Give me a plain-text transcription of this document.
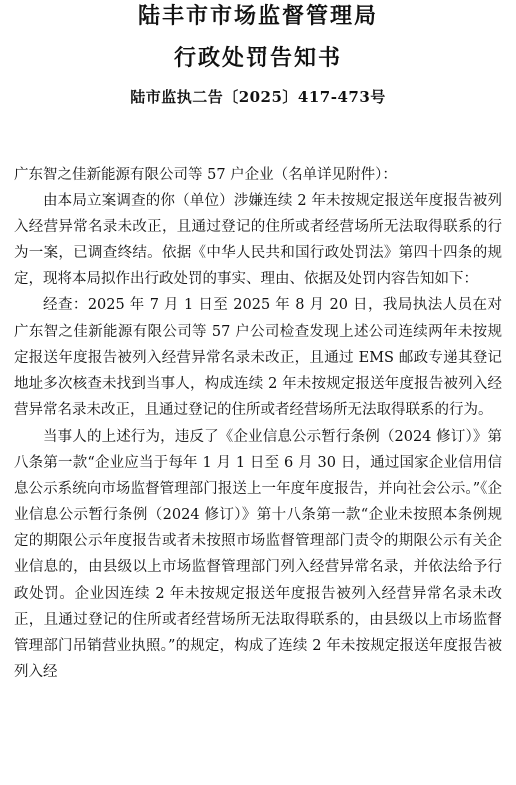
陆丰市市场监督管理局
行政处罚告知书
陆市监执二告〔2025〕417-473号

广东智之佳新能源有限公司等 57 户企业（名单详见附件）：

由本局立案调查的你（单位）涉嫌连续 2 年未按规定报送年度报告被列入经营异常名录未改正，且通过登记的住所或者经营场所无法取得联系的行为一案，已调查终结。依据《中华人民共和国行政处罚法》第四十四条的规定，现将本局拟作出行政处罚的事实、理由、依据及处罚内容告知如下：

经查：2025 年 7 月 1 日至 2025 年 8 月 20 日，我局执法人员在对广东智之佳新能源有限公司等 57 户公司检查发现上述公司连续两年未按规定报送年度报告被列入经营异常名录未改正，且通过 EMS 邮政专递其登记地址多次核查未找到当事人，构成连续 2 年未按规定报送年度报告被列入经营异常名录未改正，且通过登记的住所或者经营场所无法取得联系的行为。

当事人的上述行为，违反了《企业信息公示暂行条例（2024 修订）》第八条第一款“企业应当于每年 1 月 1 日至 6 月 30 日，通过国家企业信用信息公示系统向市场监督管理部门报送上一年度年度报告，并向社会公示。”《企业信息公示暂行条例（2024 修订）》第十八条第一款“企业未按照本条例规定的期限公示年度报告或者未按照市场监督管理部门责令的期限公示有关企业信息的，由县级以上市场监督管理部门列入经营异常名录，并依法给予行政处罚。企业因连续 2 年未按规定报送年度报告被列入经营异常名录未改正，且通过登记的住所或者经营场所无法取得联系的，由县级以上市场监督管理部门吊销营业执照。”的规定，构成了连续 2 年未按规定报送年度报告被列入经
